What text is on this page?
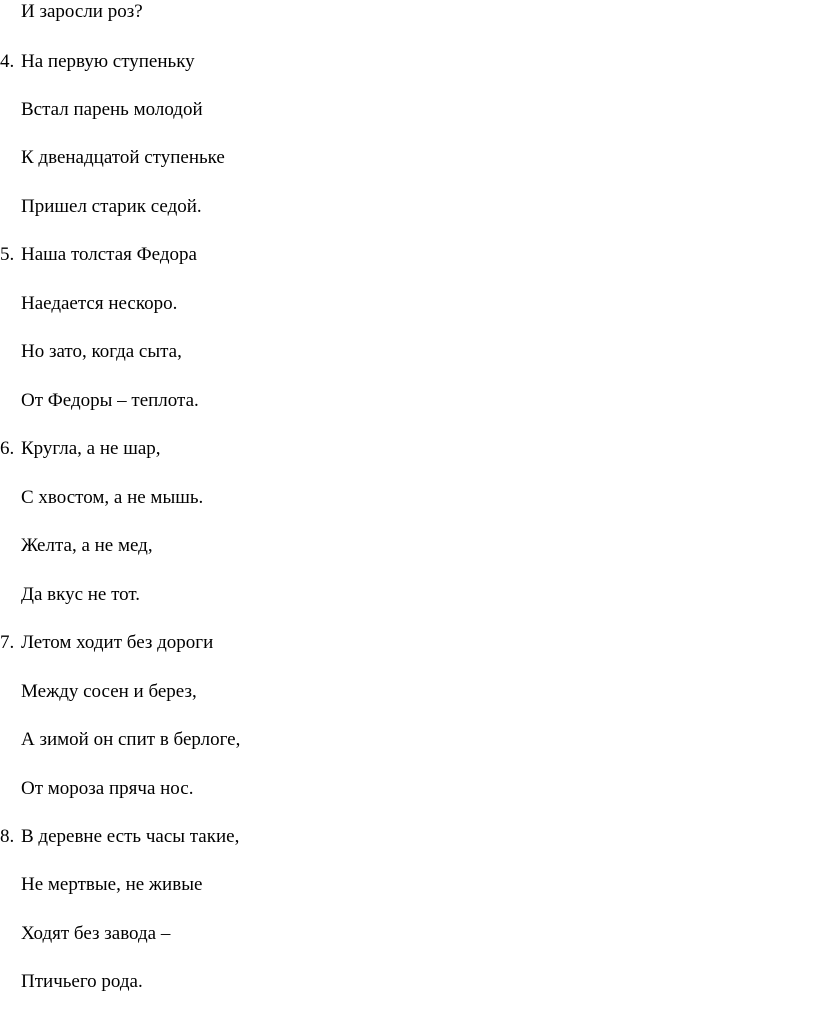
И заросли роз?
4. На первую ступеньку
Встал парень молодой
К двенадцатой ступеньке
Пришел старик седой.
5. Наша толстая Федора
Наедается нескоро.
Но зато, когда сыта,
От Федоры – теплота.
6. Кругла, а не шар,
С хвостом, а не мышь.
Желта, а не мед,
Да вкус не тот.
7. Летом ходит без дороги
Между сосен и берез,
А зимой он спит в берлоге,
От мороза пряча нос.
8. В деревне есть часы такие,
Не мертвые, не живые
Ходят без завода –
Птичьего рода.
